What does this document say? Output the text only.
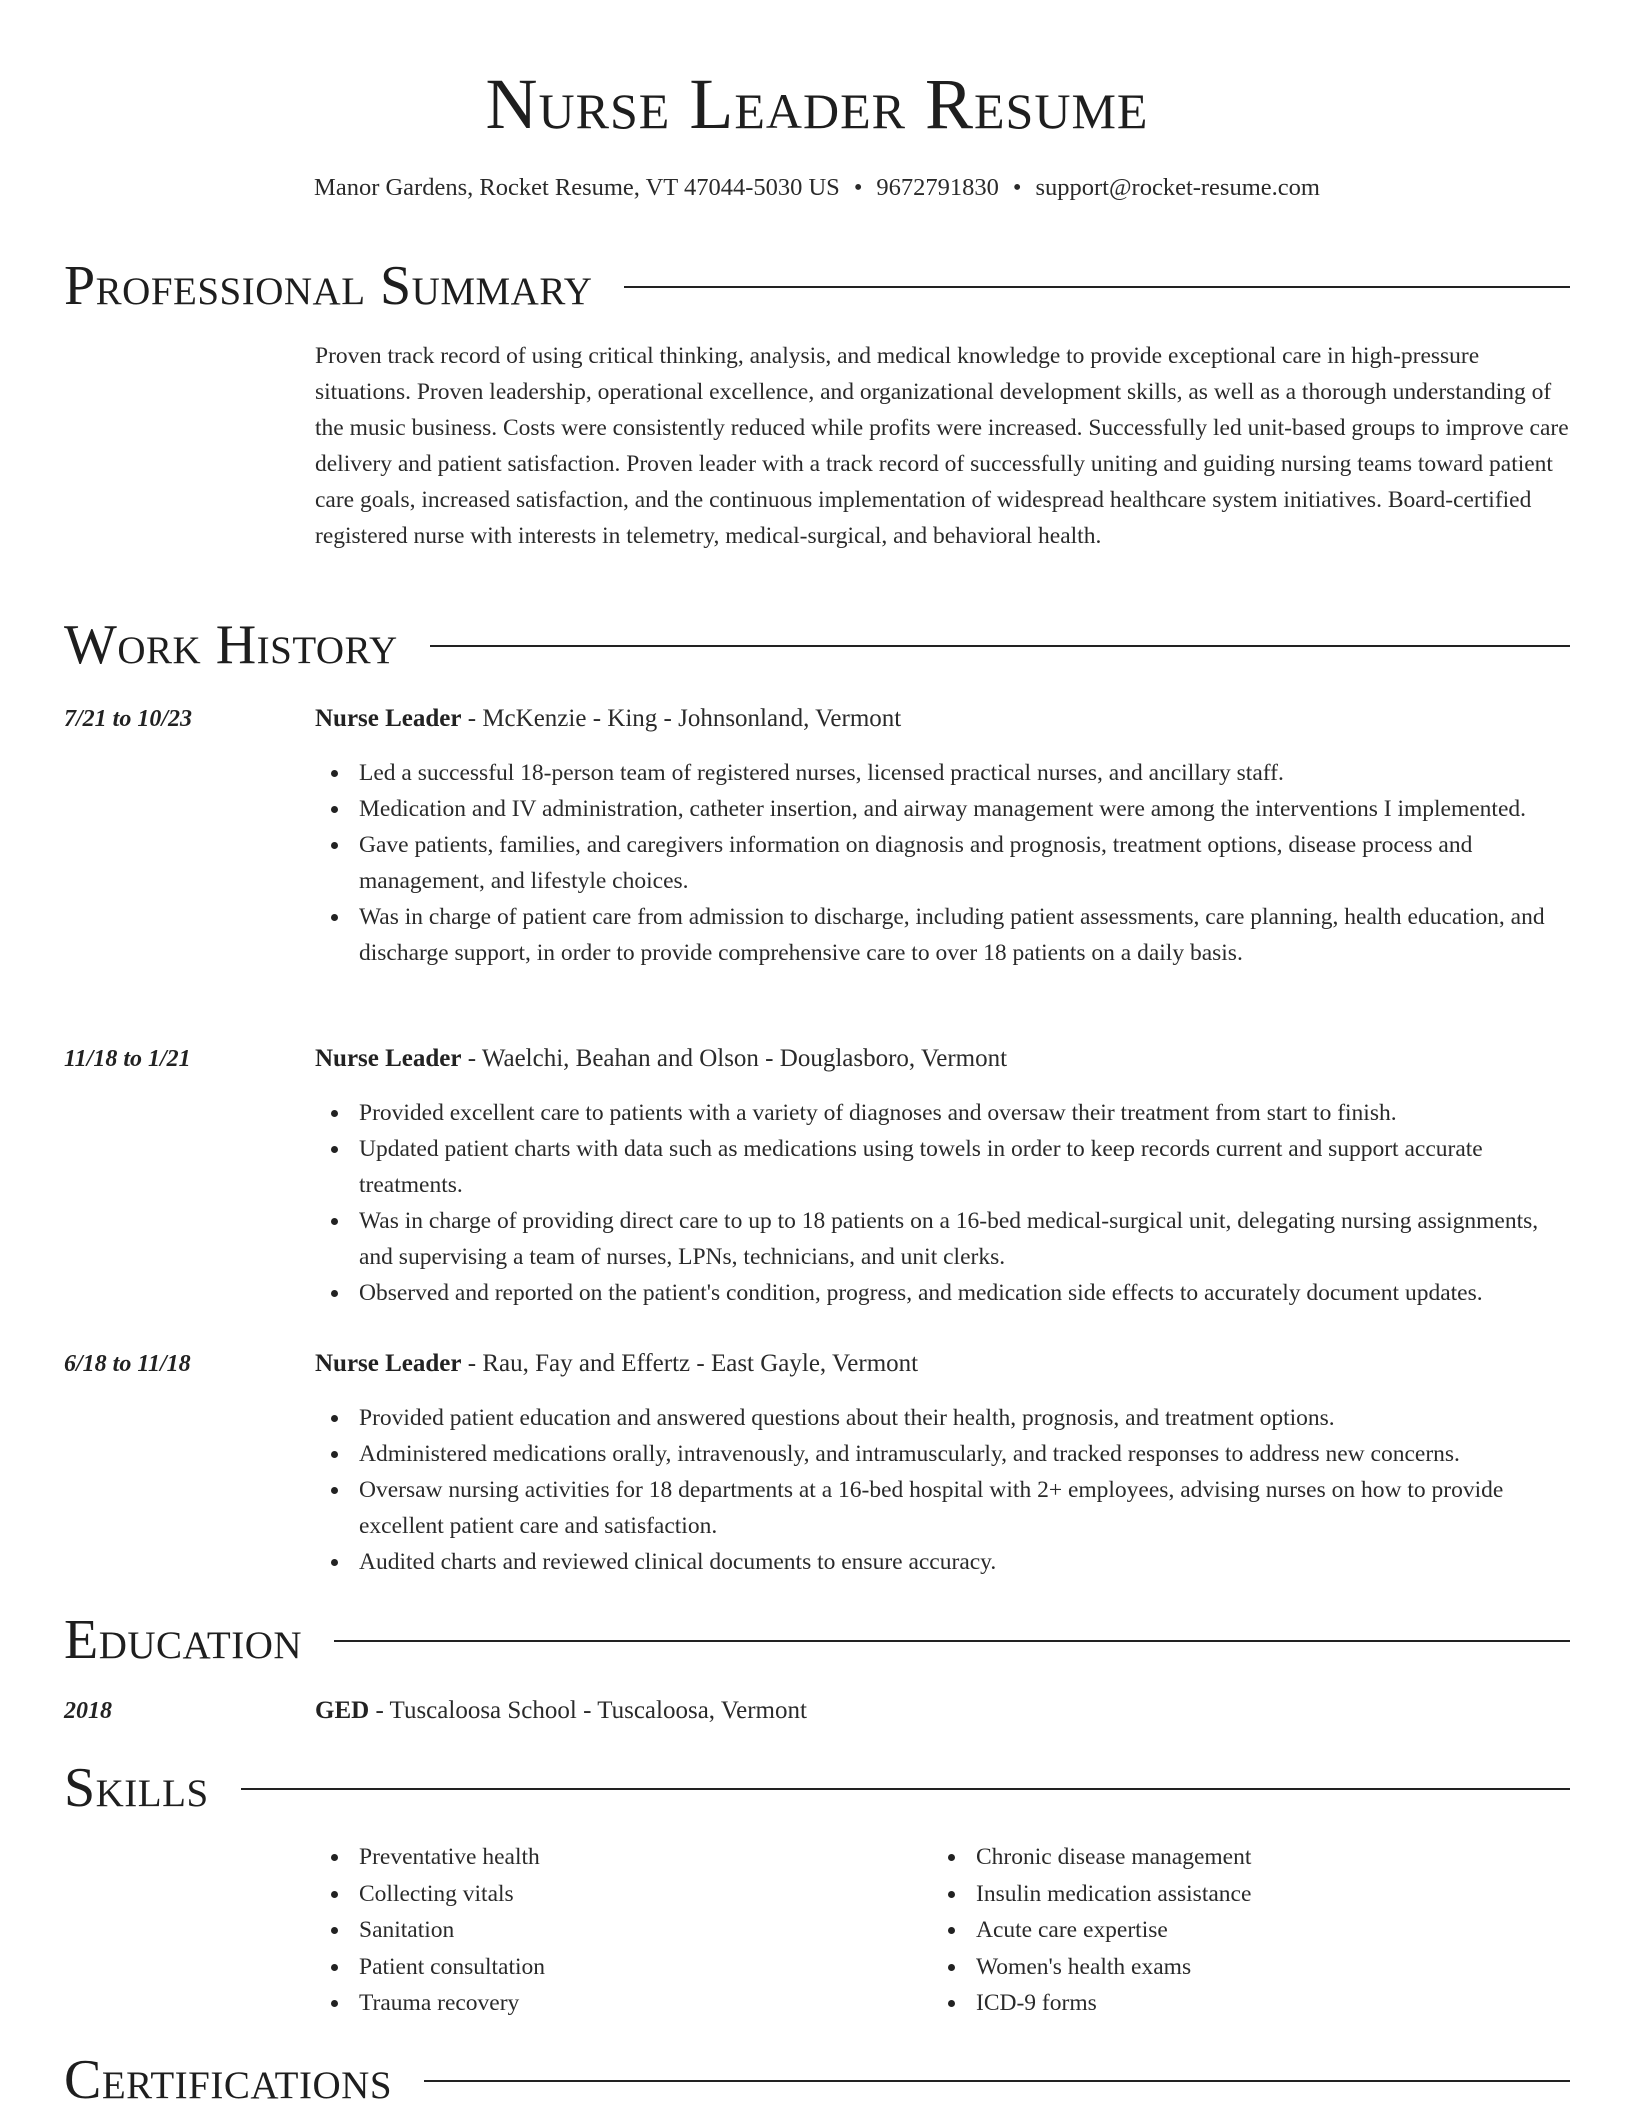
Nurse Leader Resume
Manor Gardens, Rocket Resume, VT 47044-5030 US • 9672791830 • support@rocket-resume.com
Professional Summary
Proven track record of using critical thinking, analysis, and medical knowledge to provide exceptional care in high-pressure situations. Proven leadership, operational excellence, and organizational development skills, as well as a thorough understanding of the music business. Costs were consistently reduced while profits were increased. Successfully led unit-based groups to improve care delivery and patient satisfaction. Proven leader with a track record of successfully uniting and guiding nursing teams toward patient care goals, increased satisfaction, and the continuous implementation of widespread healthcare system initiatives. Board-certified registered nurse with interests in telemetry, medical-surgical, and behavioral health.
Work History
7/21 to 10/23	Nurse Leader - McKenzie - King - Johnsonland, Vermont
Led a successful 18-person team of registered nurses, licensed practical nurses, and ancillary staff.
Medication and IV administration, catheter insertion, and airway management were among the interventions I implemented.
Gave patients, families, and caregivers information on diagnosis and prognosis, treatment options, disease process and management, and lifestyle choices.
Was in charge of patient care from admission to discharge, including patient assessments, care planning, health education, and discharge support, in order to provide comprehensive care to over 18 patients on a daily basis.
11/18 to 1/21	Nurse Leader - Waelchi, Beahan and Olson - Douglasboro, Vermont
Provided excellent care to patients with a variety of diagnoses and oversaw their treatment from start to finish.
Updated patient charts with data such as medications using towels in order to keep records current and support accurate treatments.
Was in charge of providing direct care to up to 18 patients on a 16-bed medical-surgical unit, delegating nursing assignments, and supervising a team of nurses, LPNs, technicians, and unit clerks.
Observed and reported on the patient's condition, progress, and medication side effects to accurately document updates.
6/18 to 11/18	Nurse Leader - Rau, Fay and Effertz - East Gayle, Vermont
Provided patient education and answered questions about their health, prognosis, and treatment options.
Administered medications orally, intravenously, and intramuscularly, and tracked responses to address new concerns.
Oversaw nursing activities for 18 departments at a 16-bed hospital with 2+ employees, advising nurses on how to provide excellent patient care and satisfaction.
Audited charts and reviewed clinical documents to ensure accuracy.
Education
2018	GED - Tuscaloosa School - Tuscaloosa, Vermont
Skills
Preventative health
Collecting vitals
Sanitation
Patient consultation
Trauma recovery
Chronic disease management
Insulin medication assistance
Acute care expertise
Women's health exams
ICD-9 forms
Certifications
